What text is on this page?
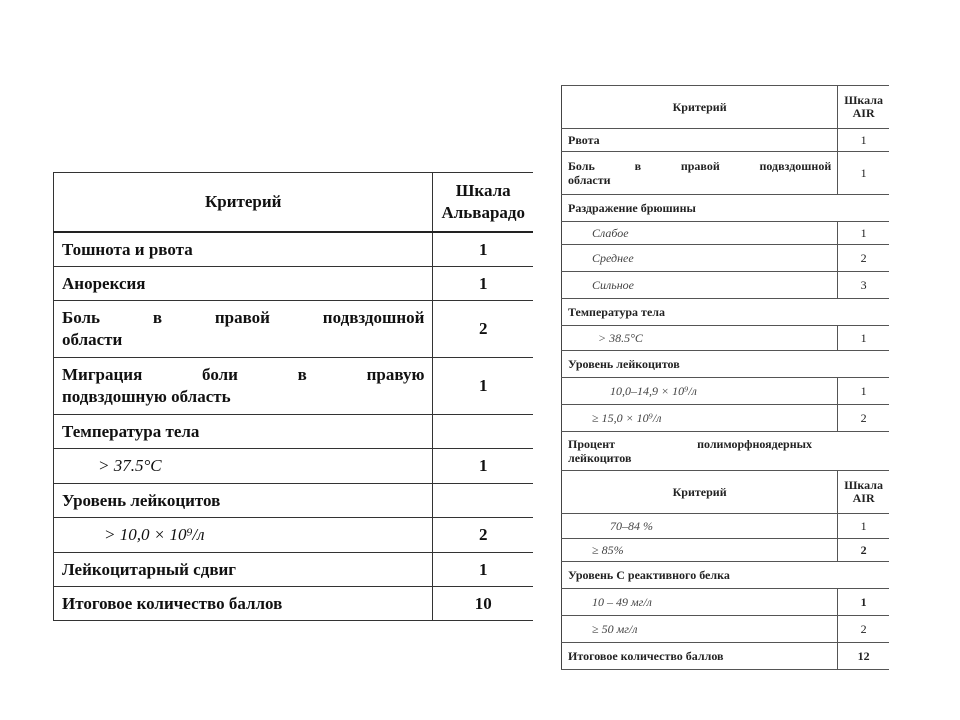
Критерий	Шкала
Альварадо

Тошнота и рвота	1
Анорексия	1

Боль в правой подвздошной
области	2

Миграция боли в правую
подвздошную область	1
Температура тела	
> 37.5°C	1
Уровень лейкоцитов	
> 10,0 × 10⁹/л	2
Лейкоцитарный сдвиг	1
Итоговое количество баллов	10
Критерий	Шкала
AIR

Рвота	1

Боль в правой подвздошной
области	1
Раздражение брюшины	
Слабое	1
Среднее	2
Сильное	3
Температура тела	
> 38.5°C	1
Уровень лейкоцитов	
10,0–14,9 × 10⁹/л	1
≥ 15,0 × 10⁹/л	2

Процент полиморфноядерных
лейкоцитов	
Критерий	Шкала
AIR

70–84 %	1
≥ 85%	2
Уровень С реактивного белка	
10 – 49 мг/л	1
≥ 50 мг/л	2
Итоговое количество баллов	12
